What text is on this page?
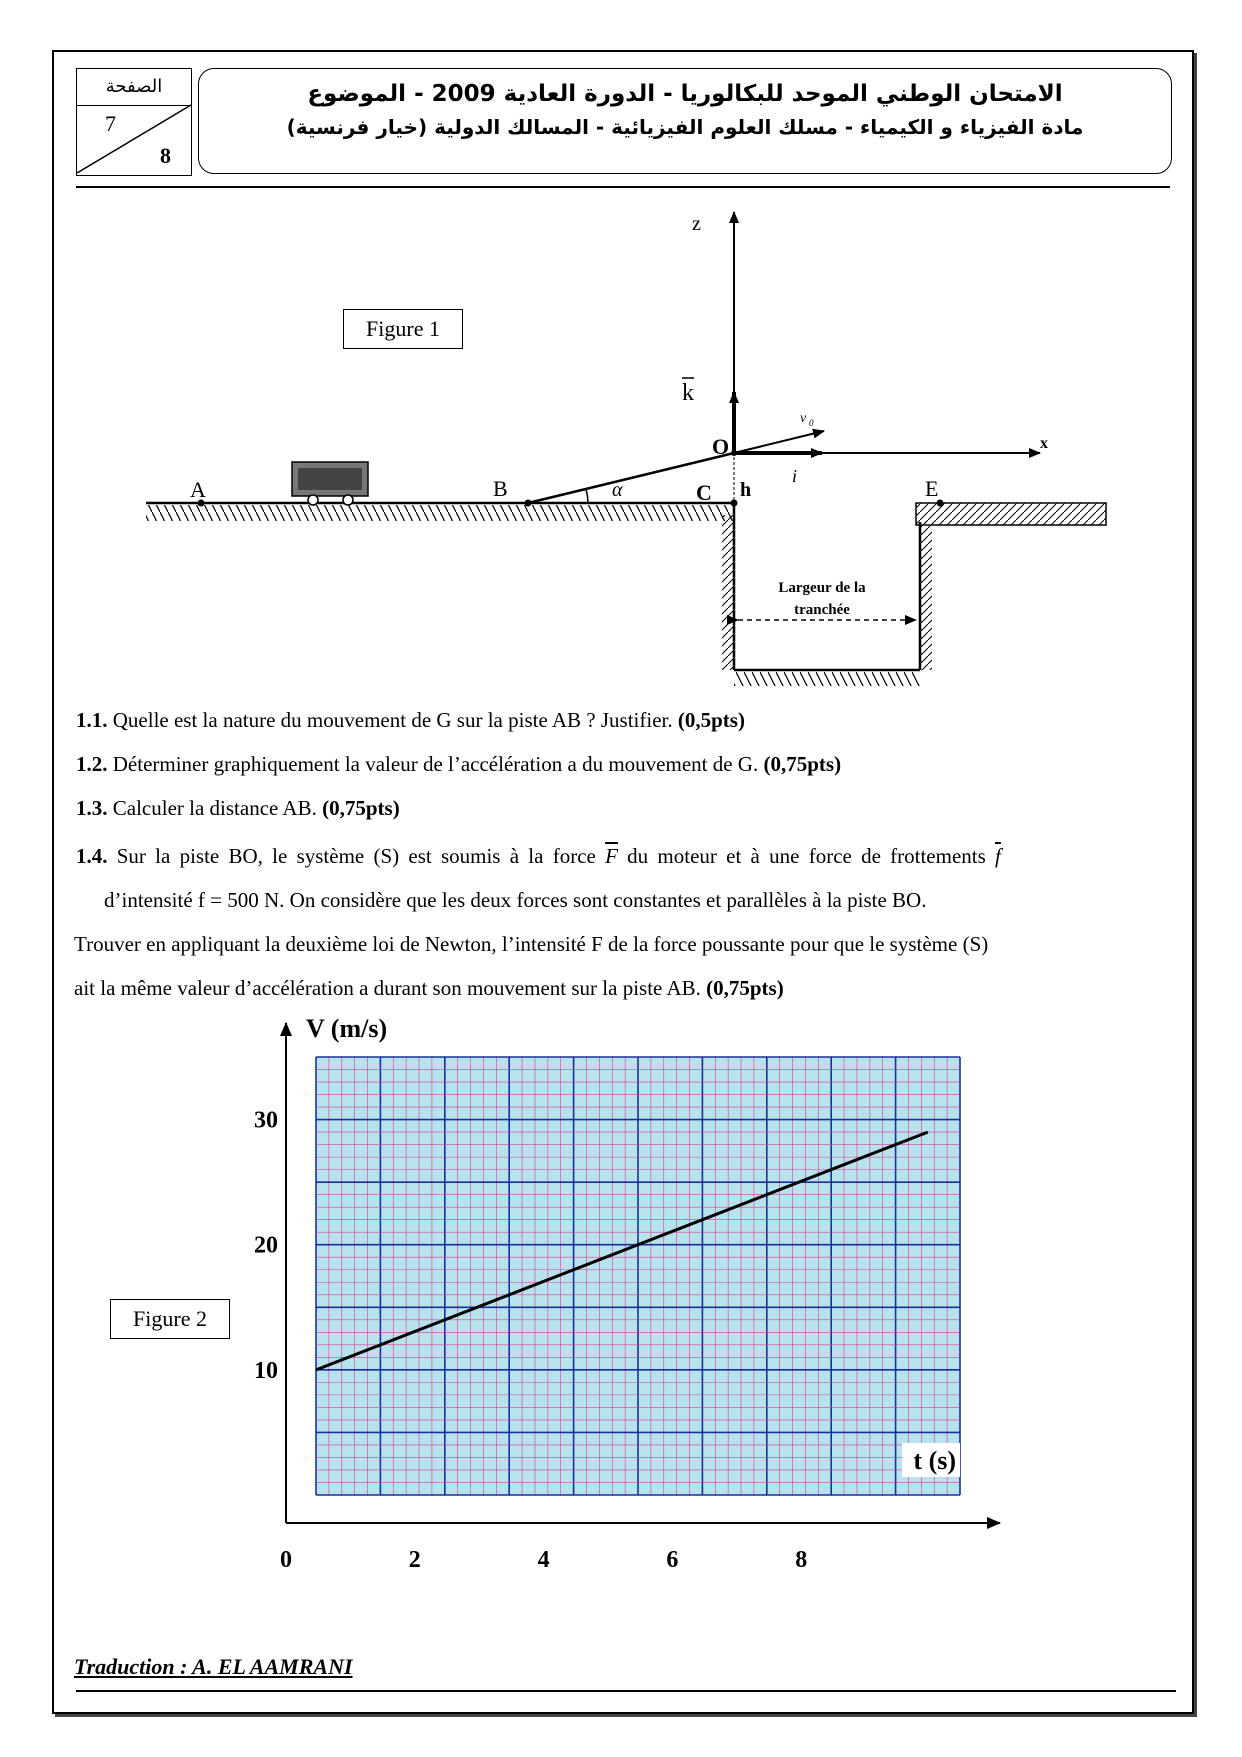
الصفحة
7
8
الامتحان الوطني الموحد للبكالوريا - الدورة العادية 2009 - الموضوع
مادة الفيزياء و الكيمياء - مسلك العلوم الفيزيائية - المسالك الدولية (خيار فرنسية)
Largeur de la
tranchée
α
z
x
k
i
v 0
O
h
A	B	C	E
Figure 1
1.1. Quelle est la nature du mouvement de G sur la piste AB ? Justifier. (0,5pts)
1.2. Déterminer graphiquement la valeur de l’accélération a du mouvement de G. (0,75pts)
1.3. Calculer la distance AB. (0,75pts)
1.4. Sur la piste BO, le système (S) est soumis à la force $\overline{F}$ du moteur et à une force de frottements $\overline{f}$
d’intensité f = 500 N. On considère que les deux forces sont constantes et parallèles à la piste BO.
Trouver en appliquant la deuxième loi de Newton, l’intensité F de la force poussante pour que le système (S)
ait la même valeur d’accélération a durant son mouvement sur la piste AB. (0,75pts)
Figure 2
0	2	4	6	8
10
20
30
V (m/s)
t (s)
Traduction : A. EL AAMRANI
